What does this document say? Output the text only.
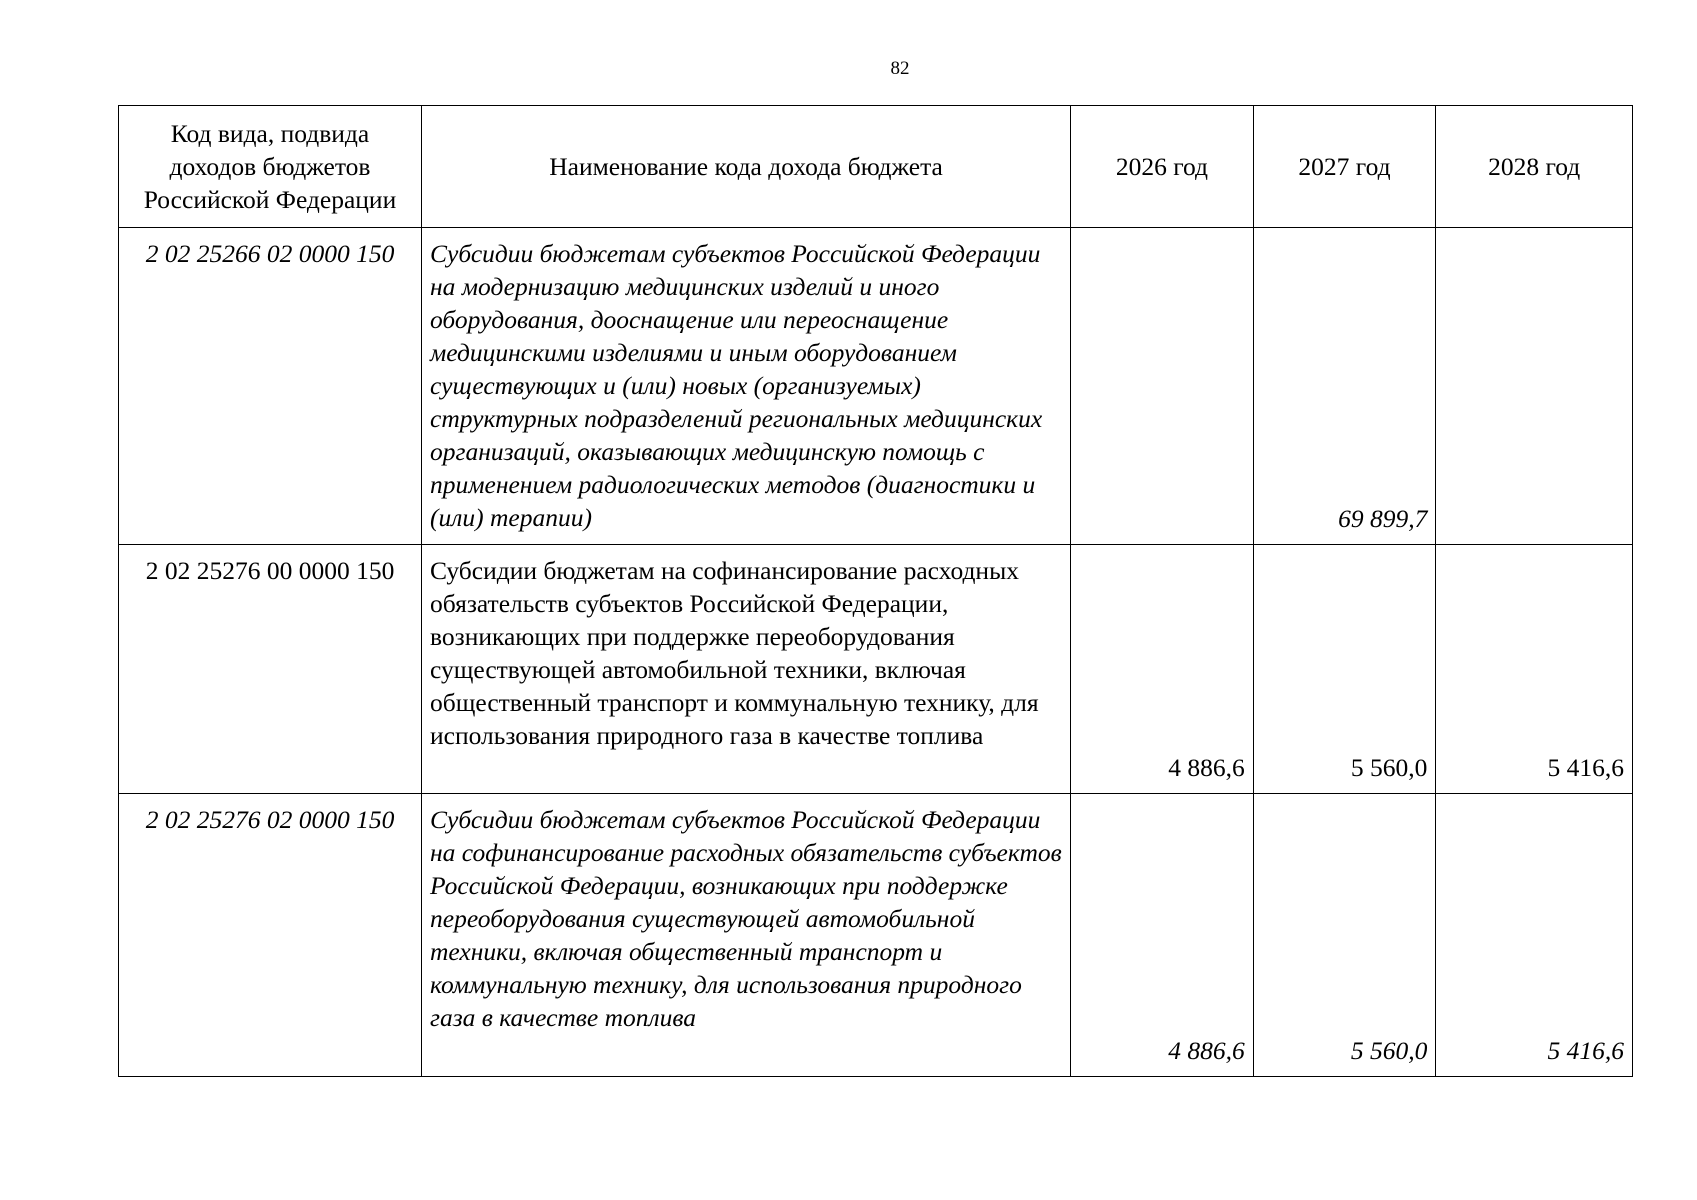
82
Код вида, подвида доходов бюджетов Российской Федерации	Наименование кода дохода бюджета	2026 год	2027 год	2028 год
2 02 25266 02 0000 150	Субсидии бюджетам субъектов Российской Федерации на модернизацию медицинских изделий и иного оборудования, дооснащение или переоснащение медицинскими изделиями и иным оборудованием существующих и (или) новых (организуемых) структурных подразделений региональных медицинских организаций, оказывающих медицинскую помощь с применением радиологических методов (диагностики и (или) терапии)		69 899,7	
2 02 25276 00 0000 150	Субсидии бюджетам на софинансирование расходных обязательств субъектов Российской Федерации, возникающих при поддержке переоборудования существующей автомобильной техники, включая общественный транспорт и коммунальную технику, для использования природного газа в качестве топлива	4 886,6	5 560,0	5 416,6
2 02 25276 02 0000 150	Субсидии бюджетам субъектов Российской Федерации на софинансирование расходных обязательств субъектов Российской Федерации, возникающих при поддержке переоборудования существующей автомобильной техники, включая общественный транспорт и коммунальную технику, для использования природного газа в качестве топлива	4 886,6	5 560,0	5 416,6
